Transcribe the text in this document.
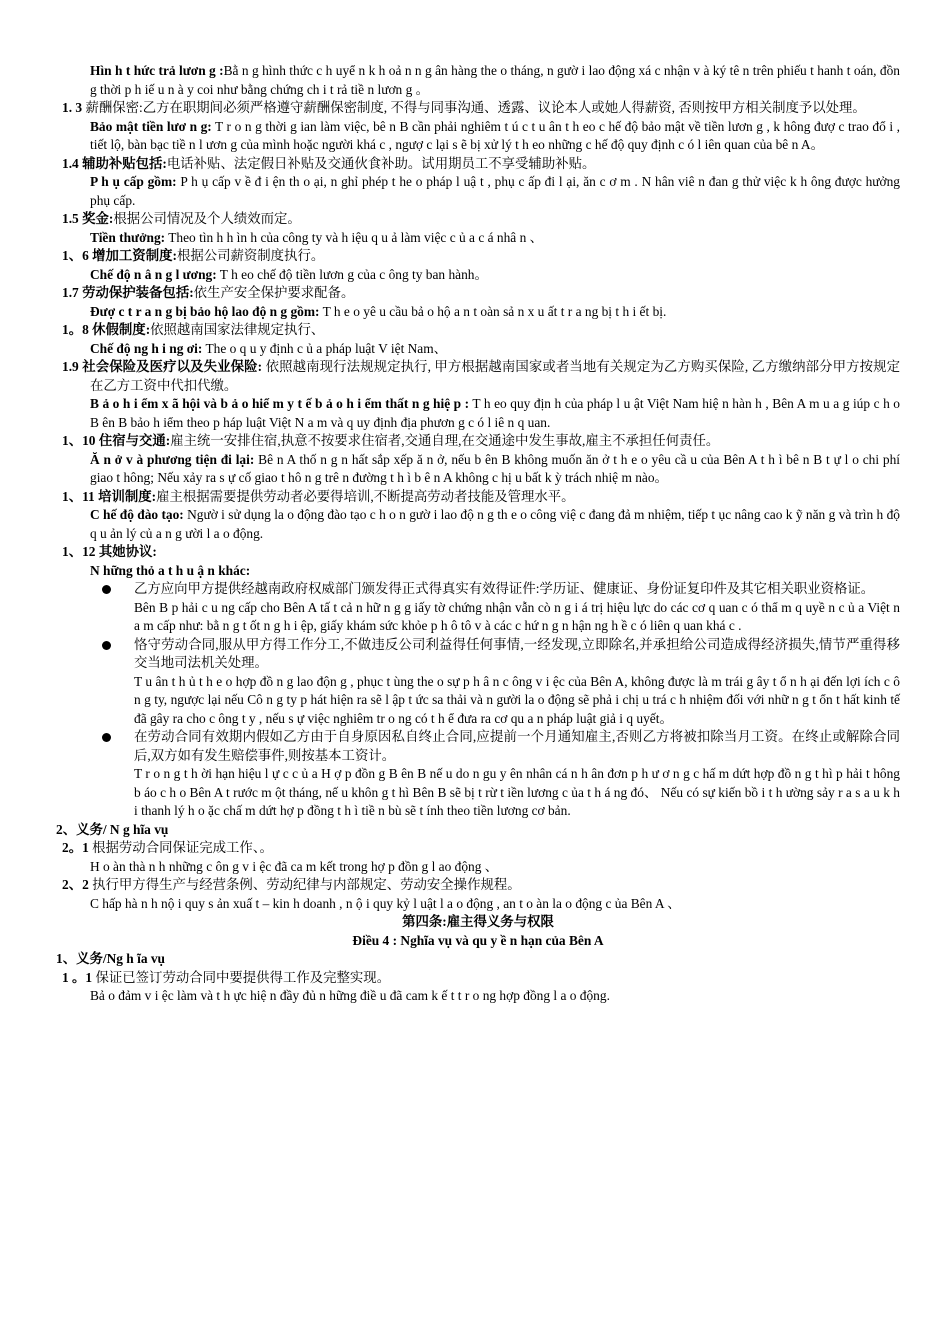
Hìn h t hức trả lươn g :Bằ n g hình thức c h uyể n k h oả n n g ân hàng the o tháng, n gườ i lao động xá c nhận v à ký tê n trên phiếu t hanh t oán, đồn g thời p h iế u n à y coi như bằng chứng ch i t rả tiề n lươn g 。

1. 3 薪酬保密:乙方在职期间必须严格遵守薪酬保密制度, 不得与同事沟通、透露、议论本人或她人得薪资, 否则按甲方相关制度予以处理。

Bảo mật tiền lươ n g: T r o n g thời g ian làm việc, bê n B cần phải nghiêm t ú c t u ân t h eo c hế độ bảo mật về tiền lươn g , k hông đượ c trao đổ i , tiết lộ, bàn bạc tiề n l ươn g của mình hoặc người khá c , ngượ c lại s ẽ bị xử lý t h eo những c hế độ quy định c ó l iên quan của bê n A。

1.4 辅助补贴包括:电话补贴、法定假日补贴及交通伙食补助。试用期员工不享受辅助补贴。

P h ụ cấp gồm: P h ụ cấp v ề đ i ện th o ại, n ghỉ phép t he o pháp l uậ t , phụ c ấp đi l ại, ăn c ơ m . N hân viê n đan g thử việc k h ông được hưởng phụ cấp.

1.5 奖金:根据公司情况及个人绩效而定。

Tiền thưởng: Theo tìn h h ìn h của công ty và h iệu q u ả làm việc c ủ a c á nhâ n 、

1、6 增加工资制度:根据公司薪资制度执行。

Chế độ n â n g l ương: T h eo chế độ tiền lươn g của c ông ty ban hành。

1.7 劳动保护装备包括:依生产安全保护要求配备。

Đượ c t r a n g bị bảo hộ lao độ n g gồm: T h e o yê u cầu bả o hộ a n t oàn sả n x u ất t r a ng bị t h i ết bị.

1。8 休假制度:依照越南国家法律规定执行、

Chế độ ng h i ng ơi: The o q u y định c ủ a pháp luật V iệt Nam、

1.9 社会保险及医疗以及失业保险: 依照越南现行法规规定执行, 甲方根据越南国家或者当地有关规定为乙方购买保险, 乙方缴纳部分甲方按规定在乙方工资中代扣代缴。

B ả o h i ểm x ã hội và b ả o hiể m y t ế b ả o h i ểm thất n g hiệ p : T h eo quy địn h của pháp l u ật Việt Nam hiệ n hàn h , Bên A m u a g iúp c h o B ên B bảo h iểm theo p háp luật Việt N a m và q uy định địa phươn g c ó l iê n q uan.

1、10 住宿与交通:雇主统一安排住宿,执意不按要求住宿者,交通自理,在交通途中发生事故,雇主不承担任何责任。

Ă n ở v à phương tiện đi lại: Bê n A thố n g n hất sắp xếp ă n ở, nếu b ên B không muốn ăn ở t h e o yêu cầ u của Bên A t h ì bê n B t ự l o chi phí giao t hông; Nếu xảy ra s ự cố giao t hô n g trê n đường t h ì b ê n A không c hị u bất k ỳ trách nhiệ m nào。

1、11 培训制度:雇主根据需要提供劳动者必要得培训,不断提高劳动者技能及管理水平。

C hế độ đào tạo: Ngườ i sử dụng la o động đào tạo c h o n gườ i lao độ n g th e o công việ c đang đả m nhiệm, tiếp t ục nâng cao k ỹ năn g và trìn h độ q u ản lý củ a n g ười l a o động.

1、12 其她协议:

N hững thỏ a t h u ậ n khác:

乙方应向甲方提供经越南政府权威部门颁发得正式得真实有效得证件:学历证、健康证、身份证复印件及其它相关职业资格证。

Bên B p hải c u ng cấp cho Bên A tấ t cả n hữ n g g iấy tờ chứng nhận vẫn cò n g i á trị hiệu lực do các cơ q uan c ó thẩ m q uyề n c ủ a Việt n a m cấp như: bằ n g t ốt n g h i ệp, giấy khám sức khỏe p h ô tô v à các c hứ n g n hận ng h ề c ó liên q uan khá c .

恪守劳动合同,服从甲方得工作分工,不做违反公司利益得任何事情,一经发现,立即除名,并承担给公司造成得经济损失,情节严重得移交当地司法机关处理。

T u ân t h ủ t h e o hợp đồ n g lao độn g , phục t ùng the o sự p h â n c ông v i ệc của Bên A, không được là m trái g ây t ổ n h ại đến lợi ích c ô n g ty, ngược lại nếu Cô n g ty p hát hiện ra sẽ l ập t ức sa thải và n gười la o động sẽ phả i chị u trá c h nhiệm đối với nhữ n g t ổn t hất kinh tế đã gây ra cho c ông t y , nếu s ự việc nghiêm tr o ng có t h ể đưa ra cơ qu a n pháp luật giả i q uyết。

在劳动合同有效期内假如乙方由于自身原因私自终止合同,应提前一个月通知雇主,否则乙方将被扣除当月工资。在终止或解除合同后,双方如有发生赔偿事件,则按基本工资计。

T r o n g t h ời hạn hiệu l ự c c ủ a H ợ p đồn g B ên B nế u do n gu y ên nhân cá n h ân đơn p h ư ơ n g c hấ m dứt hợp đồ n g t hì p hải t hông b áo c h o Bên A t rước m ột tháng, nế u khôn g t hì Bên B sẽ bị t rừ t iền lương c ủa t h á ng đó、 Nếu có sự kiến bồ i t h ường sảy r a s a u k h i thanh lý h o ặc chấ m dứt hợ p đồng t h ì tiề n bù sẽ t ính theo tiền lương cơ bản.

2、义务/ N g hĩa vụ

2。1 根据劳动合同保证完成工作、。

H o àn thà n h những c ôn g v i ệc đã ca m kết trong hợ p đồn g l ao động 、

2、2 执行甲方得生产与经营条例、劳动纪律与内部规定、劳动安全操作规程。

C hấp hà n h nộ i quy s ản xuấ t – kin h doanh , n ộ i quy kỷ l uật l a o động , an t o àn la o động c ủa Bên A 、

第四条:雇主得义务与权限

Điều 4 : Nghĩa vụ và qu y ề n hạn của Bên A

1、义务/Ng h ĩa vụ

1 。1 保证已签订劳动合同中要提供得工作及完整实现。

Bả o đảm v i ệc làm và t h ực hiệ n đầy đủ n hững điề u đã cam k ế t t r o ng hợp đồng l a o động.
